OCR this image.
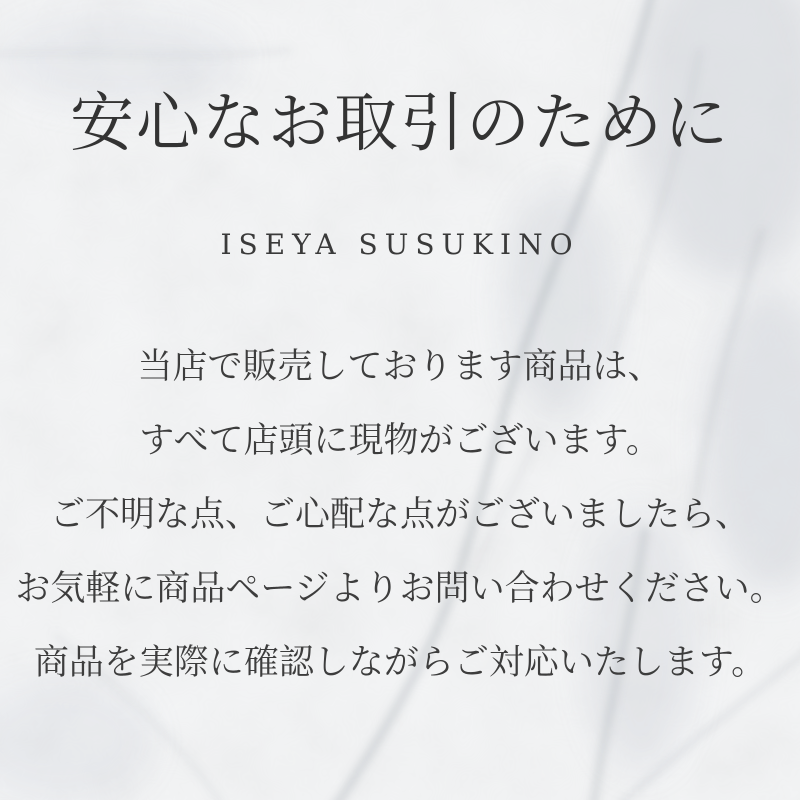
安心なお取引のために
ISEYA SUSUKINO

当店で販売しております商品は、

すべて店頭に現物がございます。

ご不明な点、ご心配な点がございましたら、

お気軽に商品ページよりお問い合わせください。

商品を実際に確認しながらご対応いたします。
